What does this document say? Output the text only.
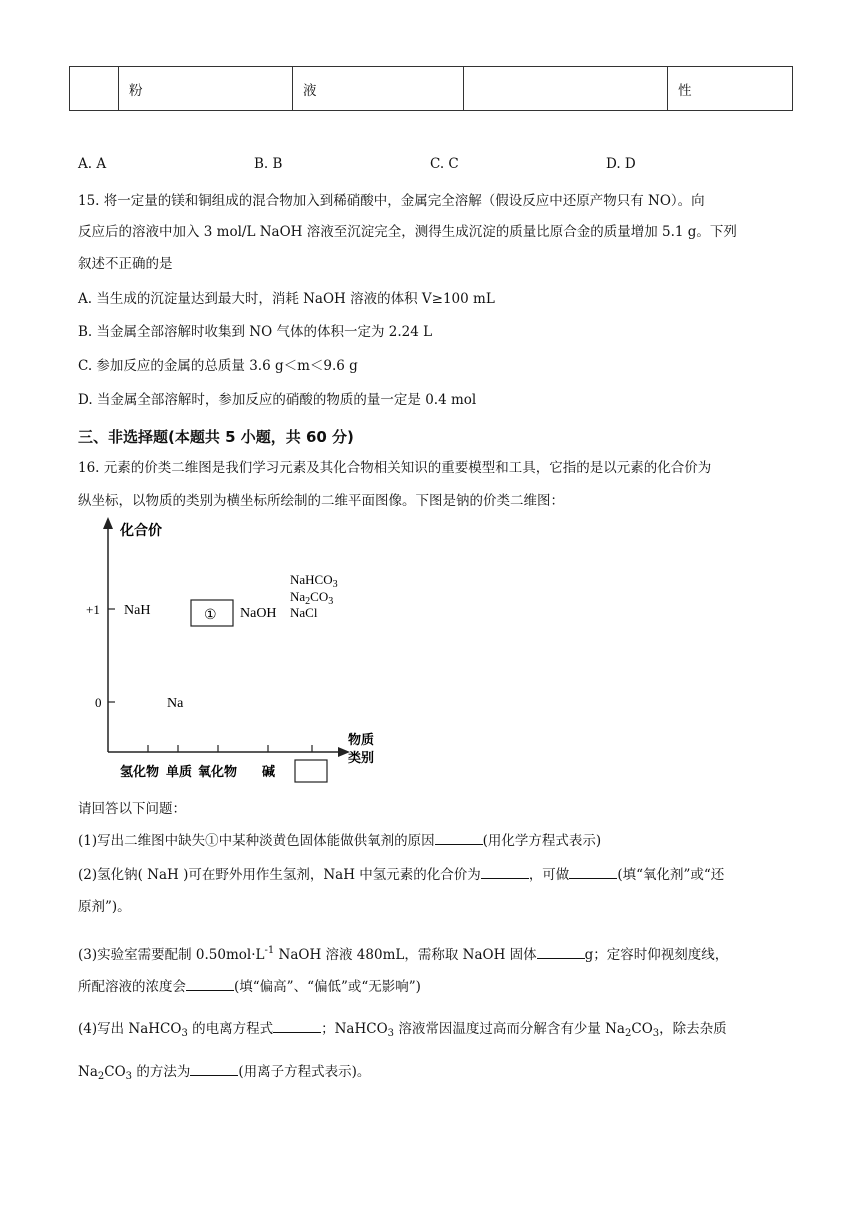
	粉	液		性
A. A	B. B	C. C	D. D
15. 将一定量的镁和铜组成的混合物加入到稀硝酸中，金属完全溶解（假设反应中还原产物只有 NO）。向
反应后的溶液中加入 3 mol/L NaOH 溶液至沉淀完全，测得生成沉淀的质量比原合金的质量增加 5.1 g。下列
叙述不正确的是
A. 当生成的沉淀量达到最大时，消耗 NaOH 溶液的体积 V≥100 mL
B. 当金属全部溶解时收集到 NO 气体的体积一定为 2.24 L
C. 参加反应的金属的总质量 3.6 g＜m＜9.6 g
D. 当金属全部溶解时，参加反应的硝酸的物质的量一定是 0.4 mol
三、非选择题(本题共 5 小题，共 60 分)
16. 元素的价类二维图是我们学习元素及其化合物相关知识的重要模型和工具，它指的是以元素的化合价为
纵坐标，以物质的类别为横坐标所绘制的二维平面图像。下图是钠的价类二维图：
化合价
+1
0
NaH	① NaOH
NaHCO$_3$
$Na_2CO_3$
NaCl
Na
物质
类别
氢化物 单质 氧化物 碱
请回答以下问题：
(1)写出二维图中缺失①中某种淡黄色固体能做供氧剂的原因	(用化学方程式表示)
(2)氢化钠( NaH )可在野外用作生氢剂，NaH 中氢元素的化合价为	，可做	(填“氧化剂”或“还
原剂”)。
(3)实验室需要配制 $0.50mol\cdot L^{-1}$ NaOH 溶液 480mL，需称取 NaOH 固体	g；定容时仰视刻度线，
所配溶液的浓度会	(填“偏高”、“偏低”或“无影响”)
(4)写出 NaHCO$_3$ 的电离方程式	；NaHCO$_3$ 溶液常因温度过高而分解含有少量 $Na_2CO_3$，除去杂质
$Na_2CO_3$ 的方法为	(用离子方程式表示)。
